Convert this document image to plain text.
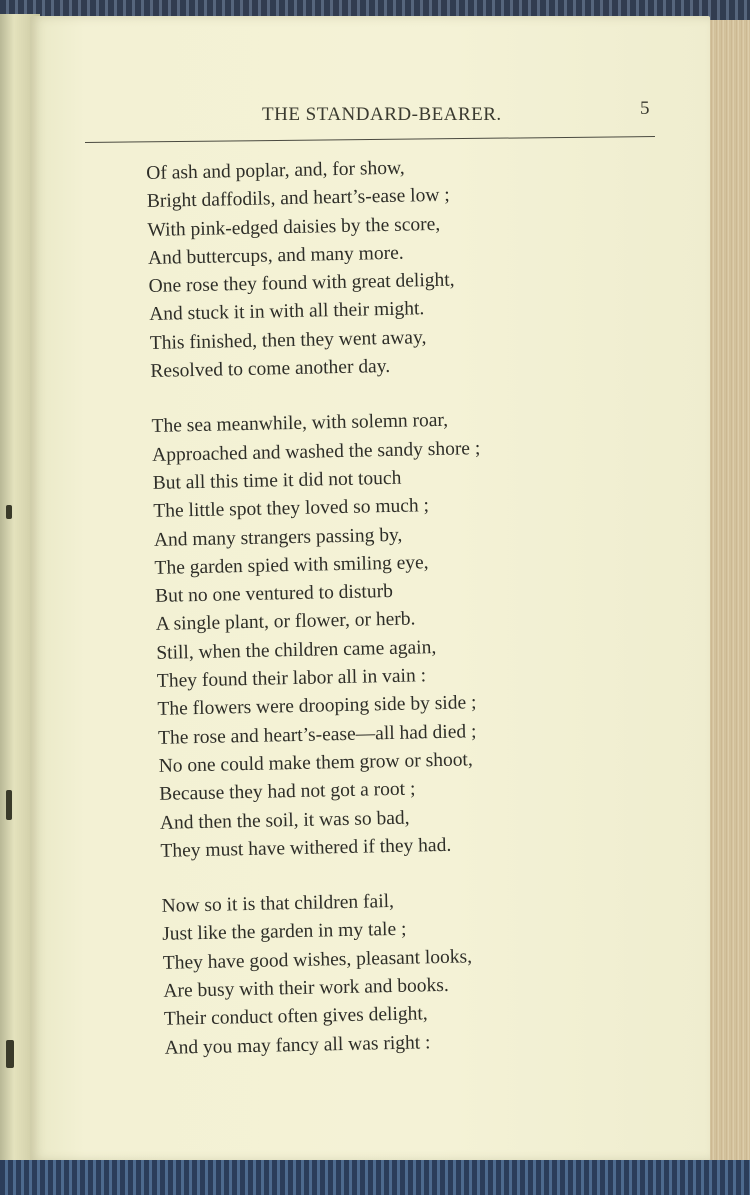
THE STANDARD-BEARER.	5
Of ash and poplar, and, for show,
Bright daffodils, and heart’s-ease low ;
With pink-edged daisies by the score,
And buttercups, and many more.
One rose they found with great delight,
And stuck it in with all their might.
This finished, then they went away,
Resolved to come another day.
The sea meanwhile, with solemn roar,
Approached and washed the sandy shore ;
But all this time it did not touch
The little spot they loved so much ;
And many strangers passing by,
The garden spied with smiling eye,
But no one ventured to disturb
A single plant, or flower, or herb.
Still, when the children came again,
They found their labor all in vain :
The flowers were drooping side by side ;
The rose and heart’s-ease—all had died ;
No one could make them grow or shoot,
Because they had not got a root ;
And then the soil, it was so bad,
They must have withered if they had.
Now so it is that children fail,
Just like the garden in my tale ;
They have good wishes, pleasant looks,
Are busy with their work and books.
Their conduct often gives delight,
And you may fancy all was right :
